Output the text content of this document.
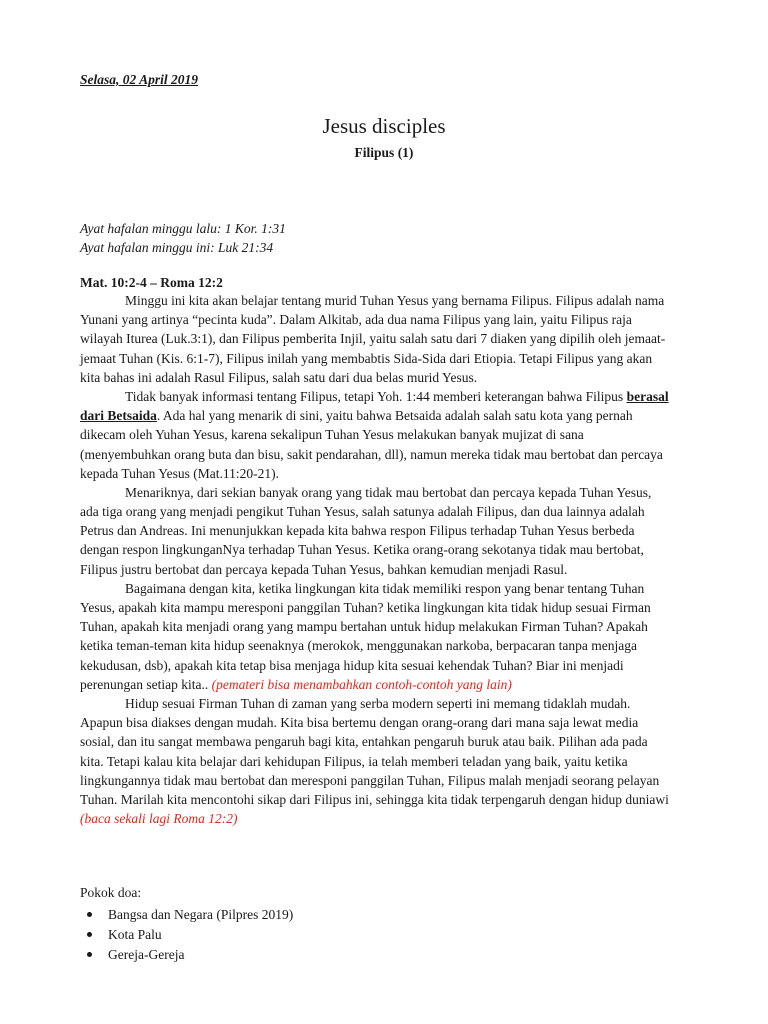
Selasa, 02 April 2019
Jesus disciples
Filipus (1)
Ayat hafalan minggu lalu: 1 Kor. 1:31
Ayat hafalan minggu ini: Luk 21:34
Mat. 10:2-4 – Roma 12:2
Minggu ini kita akan belajar tentang murid Tuhan Yesus yang bernama Filipus. Filipus adalah nama
Yunani yang artinya “pecinta kuda”. Dalam Alkitab, ada dua nama Filipus yang lain, yaitu Filipus raja
wilayah Iturea (Luk.3:1), dan Filipus pemberita Injil, yaitu salah satu dari 7 diaken yang dipilih oleh jemaat-
jemaat Tuhan (Kis. 6:1-7), Filipus inilah yang membabtis Sida-Sida dari Etiopia. Tetapi Filipus yang akan
kita bahas ini adalah Rasul Filipus, salah satu dari dua belas murid Yesus.
Tidak banyak informasi tentang Filipus, tetapi Yoh. 1:44 memberi keterangan bahwa Filipus berasal
dari Betsaida. Ada hal yang menarik di sini, yaitu bahwa Betsaida adalah salah satu kota yang pernah
dikecam oleh Yuhan Yesus, karena sekalipun Tuhan Yesus melakukan banyak mujizat di sana
(menyembuhkan orang buta dan bisu, sakit pendarahan, dll), namun mereka tidak mau bertobat dan percaya
kepada Tuhan Yesus (Mat.11:20-21).
Menariknya, dari sekian banyak orang yang tidak mau bertobat dan percaya kepada Tuhan Yesus,
ada tiga orang yang menjadi pengikut Tuhan Yesus, salah satunya adalah Filipus, dan dua lainnya adalah
Petrus dan Andreas. Ini menunjukkan kepada kita bahwa respon Filipus terhadap Tuhan Yesus berbeda
dengan respon lingkunganNya terhadap Tuhan Yesus. Ketika orang-orang sekotanya tidak mau bertobat,
Filipus justru bertobat dan percaya kepada Tuhan Yesus, bahkan kemudian menjadi Rasul.
Bagaimana dengan kita, ketika lingkungan kita tidak memiliki respon yang benar tentang Tuhan
Yesus, apakah kita mampu meresponi panggilan Tuhan? ketika lingkungan kita tidak hidup sesuai Firman
Tuhan, apakah kita menjadi orang yang mampu bertahan untuk hidup melakukan Firman Tuhan? Apakah
ketika teman-teman kita hidup seenaknya (merokok, menggunakan narkoba, berpacaran tanpa menjaga
kekudusan, dsb), apakah kita tetap bisa menjaga hidup kita sesuai kehendak Tuhan? Biar ini menjadi
perenungan setiap kita.. (pemateri bisa menambahkan contoh-contoh yang lain)
Hidup sesuai Firman Tuhan di zaman yang serba modern seperti ini memang tidaklah mudah.
Apapun bisa diakses dengan mudah. Kita bisa bertemu dengan orang-orang dari mana saja lewat media
sosial, dan itu sangat membawa pengaruh bagi kita, entahkan pengaruh buruk atau baik. Pilihan ada pada
kita. Tetapi kalau kita belajar dari kehidupan Filipus, ia telah memberi teladan yang baik, yaitu ketika
lingkungannya tidak mau bertobat dan meresponi panggilan Tuhan, Filipus malah menjadi seorang pelayan
Tuhan. Marilah kita mencontohi sikap dari Filipus ini, sehingga kita tidak terpengaruh dengan hidup duniawi
(baca sekali lagi Roma 12:2)
Pokok doa:
Bangsa dan Negara (Pilpres 2019)
Kota Palu
Gereja-Gereja
